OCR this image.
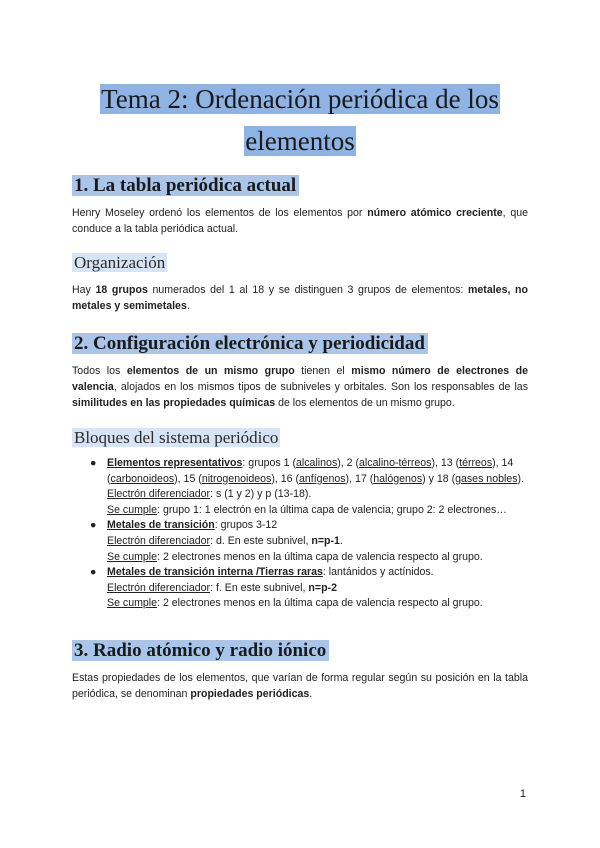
Tema 2: Ordenación periódica de los
elementos
1. La tabla periódica actual

Henry Moseley ordenó los elementos de los elementos por número atómico creciente, que conduce a la tabla periódica actual.

Organización

Hay 18 grupos numerados del 1 al 18 y se distinguen 3 grupos de elementos: metales, no metales y semimetales.

2. Configuración electrónica y periodicidad

Todos los elementos de un mismo grupo tienen el mismo número de electrones de valencia, alojados en los mismos tipos de subniveles y orbitales. Son los responsables de las similitudes en las propiedades químicas de los elementos de un mismo grupo.

Bloques del sistema periódico
● Elementos representativos: grupos 1 (alcalinos), 2 (alcalino-térreos), 13 (térreos), 14 (carbonoideos), 15 (nitrogenoideos), 16 (anfígenos), 17 (halógenos) y 18 (gases nobles).
Electrón diferenciador: s (1 y 2) y p (13-18).
Se cumple: grupo 1: 1 electrón en la última capa de valencia; grupo 2: 2 electrones…
● Metales de transición: grupos 3-12
Electrón diferenciador: d. En este subnivel, n=p-1.
Se cumple: 2 electrones menos en la última capa de valencia respecto al grupo.
● Metales de transición interna /Tierras raras: lantánidos y actínidos.
Electrón diferenciador: f. En este subnivel, n=p-2
Se cumple: 2 electrones menos en la última capa de valencia respecto al grupo.
3. Radio atómico y radio iónico

Estas propiedades de los elementos, que varían de forma regular según su posición en la tabla periódica, se denominan propiedades periódicas.

1
